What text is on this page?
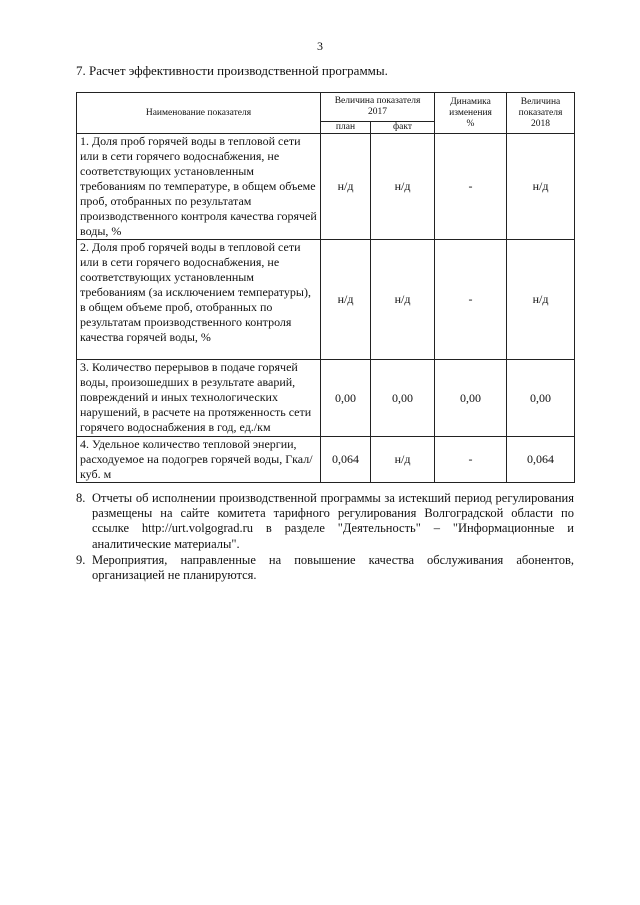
3
7. Расчет эффективности производственной программы.
Наименование показателя	Величина показателя 2017		Динамика изменения %	Величина показателя 2018
	план	факт		
1. Доля проб горячей воды в тепловой сети или в сети горячего водоснабжения, не соответствующих установленным требованиям по температуре, в общем объеме проб, отобранных по результатам производственного контроля качества горячей воды, %	н/д	н/д	-	н/д
2. Доля проб горячей воды в тепловой сети или в сети горячего водоснабжения, не соответствующих установленным требованиям (за исключением температуры), в общем объеме проб, отобранных по результатам производственного контроля качества горячей воды, %	н/д	н/д	-	н/д
3. Количество перерывов в подаче горячей воды, произошедших в результате аварий, повреждений и иных технологических нарушений, в расчете на протяженность сети горячего водоснабжения в год, ед./км	0,00	0,00	0,00	0,00
4. Удельное количество тепловой энергии, расходуемое на подогрев горячей воды, Гкал/куб. м	0,064	н/д	-	0,064
8. Отчеты об исполнении производственной программы за истекший период регулирования размещены на сайте комитета тарифного регулирования Волгоградской области по ссылке http://urt.volgograd.ru в разделе "Деятельность" – "Информационные и аналитические материалы".
9. Мероприятия, направленные на повышение качества обслуживания абонентов, организацией не планируются.
